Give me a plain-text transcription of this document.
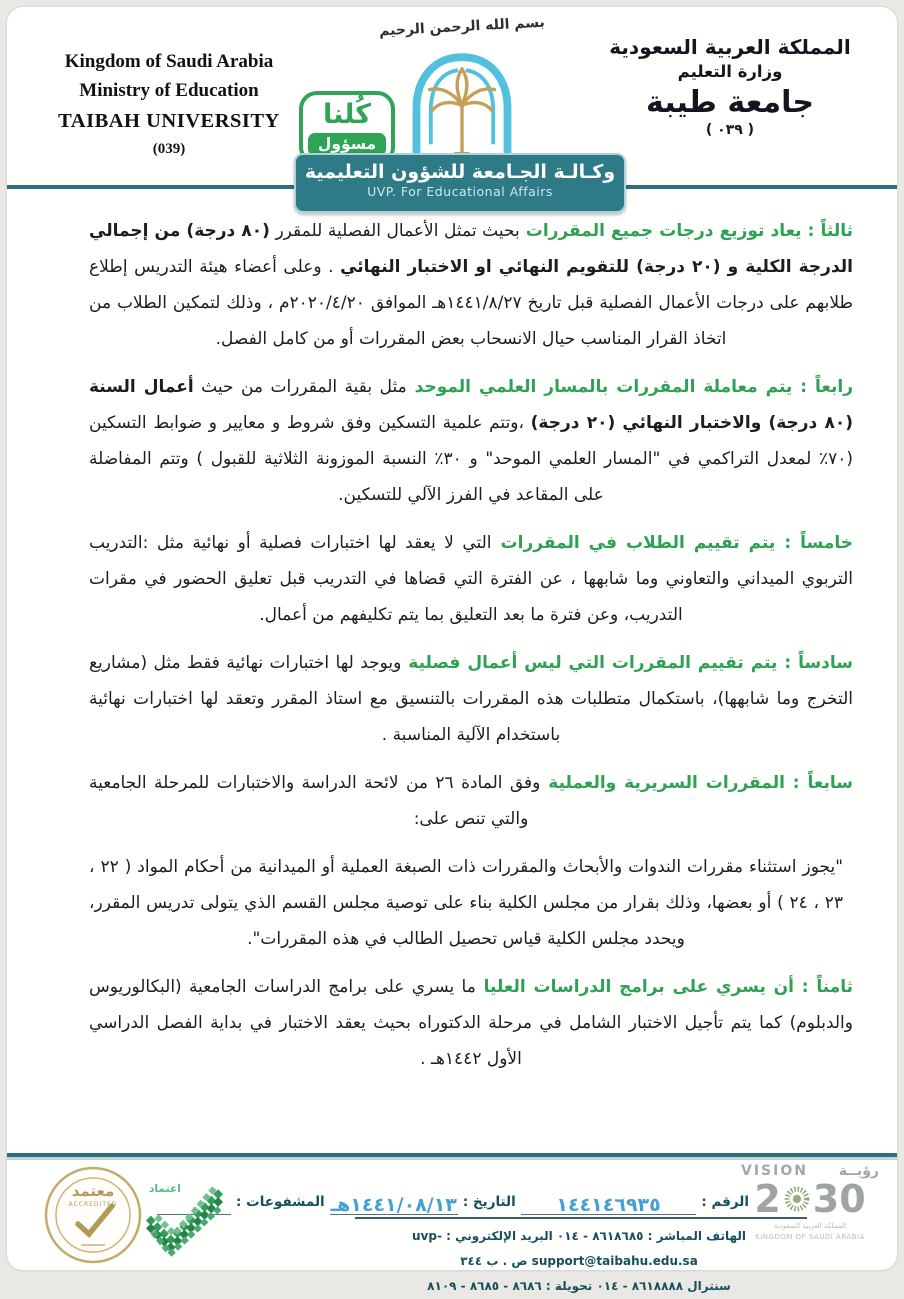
بسم الله الرحمن الرحيم
Kingdom of Saudi Arabia
Ministry of Education
TAIBAH UNIVERSITY
(039)
كُلنا
مسؤول
المملكة العربية السعودية
وزارة التعليم
جامعة طيبة
( ٠٣٩ )
وكـالـة الجـامعة للشؤون التعليمية
UVP. For Educational Affairs
ثالثاً : يعاد توزيع درجات جميع المقررات بحيث تمثل الأعمال الفصلية للمقرر (٨٠ درجة) من إجمالي الدرجة الكلية و (٢٠ درجة) للتقويم النهائي او الاختبار النهائي . وعلى أعضاء هيئة التدريس إطلاع طلابهم على درجات الأعمال الفصلية قبل تاريخ ١٤٤١/٨/٢٧هـ الموافق ٢٠٢٠/٤/٢٠م ، وذلك لتمكين الطلاب من اتخاذ القرار المناسب حيال الانسحاب بعض المقررات أو من كامل الفصل.
رابعاً : يتم معاملة المقررات بالمسار العلمي الموحد مثل بقية المقررات من حيث أعمال السنة (٨٠ درجة) والاختبار النهائي (٢٠ درجة) ،وتتم علمية التسكين وفق شروط و معايير و ضوابط التسكين (٧٠٪ لمعدل التراكمي في "المسار العلمي الموحد" و ٣٠٪ النسبة الموزونة الثلاثية للقبول ) وتتم المفاضلة على المقاعد في الفرز الآلي للتسكين.
خامساً : يتم تقييم الطلاب في المقررات التي لا يعقد لها اختبارات فصلية أو نهائية مثل :التدريب التربوي الميداني والتعاوني وما شابهها ، عن الفترة التي قضاها في التدريب قبل تعليق الحضور في مقرات التدريب، وعن فترة ما بعد التعليق بما يتم تكليفهم من أعمال.
سادساً : يتم تقييم المقررات التي ليس أعمال فصلية ويوجد لها اختبارات نهائية فقط مثل (مشاريع التخرج وما شابهها)، باستكمال متطلبات هذه المقررات بالتنسيق مع استاذ المقرر وتعقد لها اختبارات نهائية باستخدام الآلية المناسبة .
سابعاً : المقررات السريرية والعملية وفق المادة ٢٦ من لائحة الدراسة والاختبارات للمرحلة الجامعية والتي تنص على:
"يجوز استثناء مقررات الندوات والأبحاث والمقررات ذات الصبغة العملية أو الميدانية من أحكام المواد ( ٢٢ ، ٢٣ ، ٢٤ ) أو بعضها، وذلك بقرار من مجلس الكلية بناء على توصية مجلس القسم الذي يتولى تدريس المقرر، ويحدد مجلس الكلية قياس تحصيل الطالب في هذه المقررات".
ثامناً : أن يسري على برامج الدراسات العليا ما يسري على برامج الدراسات الجامعية (البكالوريوس والدبلوم) كما يتم تأجيل الاختبار الشامل في مرحلة الدكتوراه بحيث يعقد الاختبار في بداية الفصل الدراسي الأول ١٤٤٢هـ .
الرقم :
١٤٤١٤٦٩٣٥
التاريخ :
١٤٤١/٠٨/١٣هـ
المشفوعات :

الهاتف المباشر : ٨٦١٨٦٨٥ - ٠١٤ البريد الإلكتروني : uvp-support@taibahu.edu.sa ص . ب ٣٤٤
سنترال ٨٦١٨٨٨٨ - ٠١٤ تحويلة : ٨٦٨٦ - ٨٦٨٥ - ٨١٠٩
VISION رؤيــة
2 30
المملكة العربية السعودية
KINGDOM OF SAUDI ARABIA
معتمد
ACCREDITED
اعتماد
